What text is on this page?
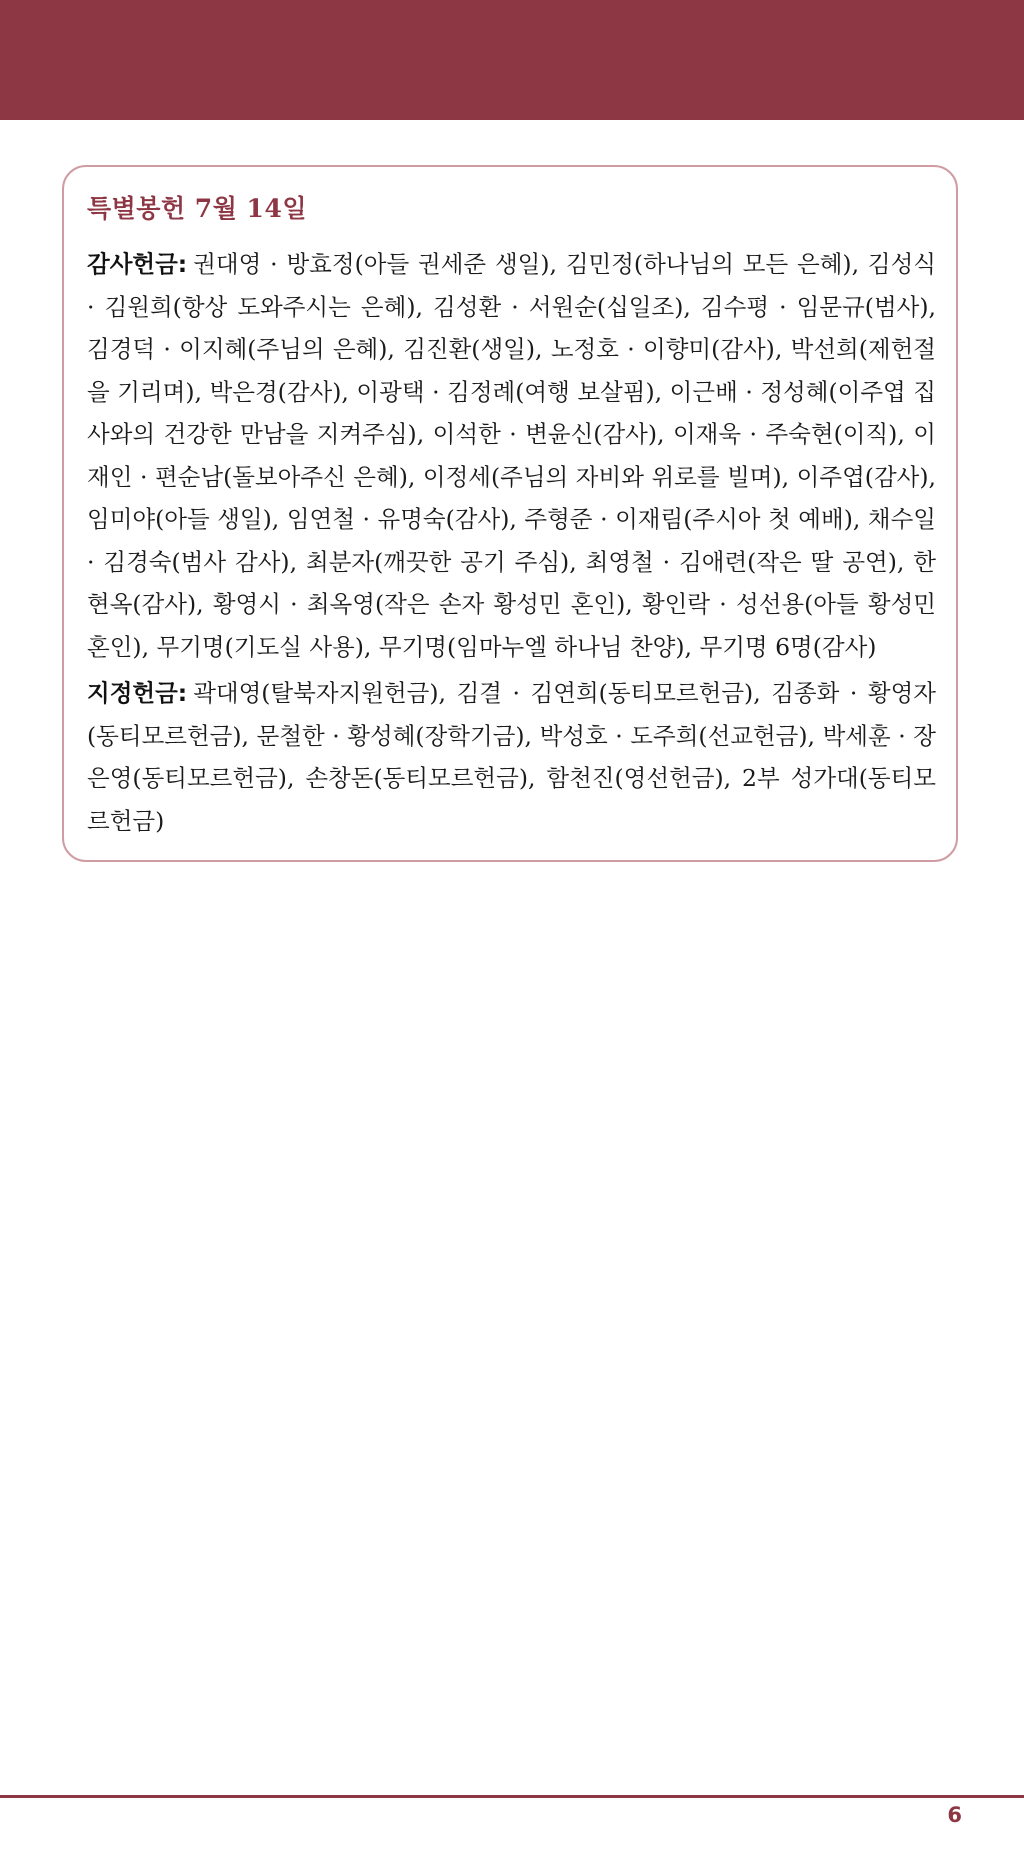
특별봉헌 7월 14일

감사헌금: 권대영 · 방효정(아들 권세준 생일), 김민정(하나님의 모든 은혜), 김성식 · 김원희(항상 도와주시는 은혜), 김성환 · 서원순(십일조), 김수평 · 임문규(범사), 김경덕 · 이지혜(주님의 은혜), 김진환(생일), 노정호 · 이향미(감사), 박선희(제헌절을 기리며), 박은경(감사), 이광택 · 김정례(여행 보살핌), 이근배 · 정성혜(이주엽 집사와의 건강한 만남을 지켜주심), 이석한 · 변윤신(감사), 이재욱 · 주숙현(이직), 이재인 · 편순남(돌보아주신 은혜), 이정세(주님의 자비와 위로를 빌며), 이주엽(감사), 임미야(아들 생일), 임연철 · 유명숙(감사), 주형준 · 이재림(주시아 첫 예배), 채수일 · 김경숙(범사 감사), 최분자(깨끗한 공기 주심), 최영철 · 김애련(작은 딸 공연), 한현옥(감사), 황영시 · 최옥영(작은 손자 황성민 혼인), 황인락 · 성선용(아들 황성민 혼인), 무기명(기도실 사용), 무기명(임마누엘 하나님 찬양), 무기명 6명(감사)

지정헌금: 곽대영(탈북자지원헌금), 김결 · 김연희(동티모르헌금), 김종화 · 황영자(동티모르헌금), 문철한 · 황성혜(장학기금), 박성호 · 도주희(선교헌금), 박세훈 · 장은영(동티모르헌금), 손창돈(동티모르헌금), 함천진(영선헌금), 2부 성가대(동티모르헌금)

6
